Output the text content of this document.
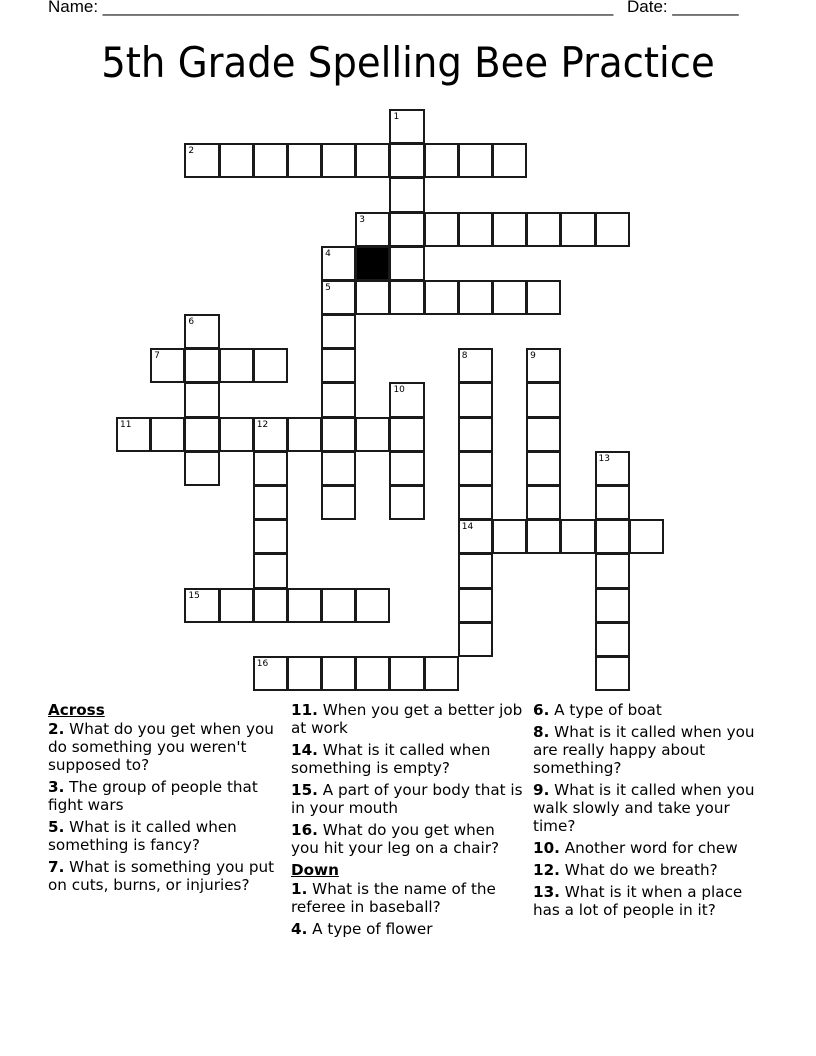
Name: ______________________________________________________ Date: _______
5th Grade Spelling Bee Practice
1
2
3
4
5
6
7	8
14
9
10
11	12
13
15
16
Across
2. What do you get when you do something you weren't supposed to?
3. The group of people that fight wars
5. What is it called when something is fancy?
7. What is something you put on cuts, burns, or injuries?
11. When you get a better job at work
14. What is it called when something is empty?
15. A part of your body that is in your mouth
16. What do you get when you hit your leg on a chair?
Down
1. What is the name of the referee in baseball?
4. A type of flower
6. A type of boat
8. What is it called when you are really happy about something?
9. What is it called when you walk slowly and take your time?
10. Another word for chew
12. What do we breath?
13. What is it when a place has a lot of people in it?
